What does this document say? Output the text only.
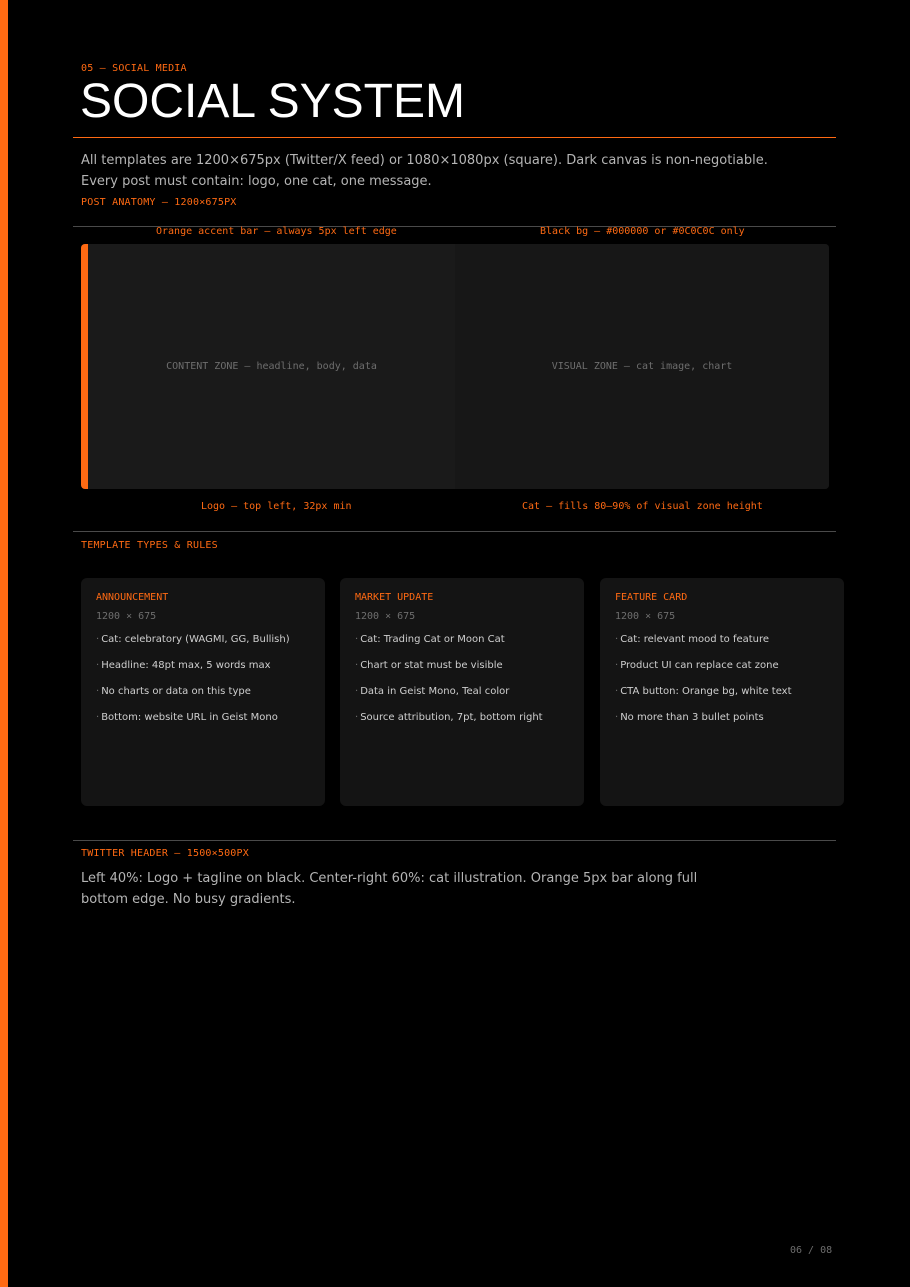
05 — SOCIAL MEDIA
SOCIAL SYSTEM
All templates are 1200×675px (Twitter/X feed) or 1080×1080px (square). Dark canvas is non-negotiable.
Every post must contain: logo, one cat, one message.
POST ANATOMY — 1200×675PX
Orange accent bar — always 5px left edge	Black bg — #000000 or #0C0C0C only
CONTENT ZONE — headline, body, data	VISUAL ZONE — cat image, chart
Logo — top left, 32px min	Cat — fills 80–90% of visual zone height
TEMPLATE TYPES & RULES
ANNOUNCEMENT
1200 × 675
· Cat: celebratory (WAGMI, GG, Bullish)
· Headline: 48pt max, 5 words max
· No charts or data on this type
· Bottom: website URL in Geist Mono
MARKET UPDATE
1200 × 675
· Cat: Trading Cat or Moon Cat
· Chart or stat must be visible
· Data in Geist Mono, Teal color
· Source attribution, 7pt, bottom right
FEATURE CARD
1200 × 675
· Cat: relevant mood to feature
· Product UI can replace cat zone
· CTA button: Orange bg, white text
· No more than 3 bullet points
TWITTER HEADER — 1500×500PX
Left 40%: Logo + tagline on black. Center-right 60%: cat illustration. Orange 5px bar along full bottom edge. No busy gradients.
06 / 08
